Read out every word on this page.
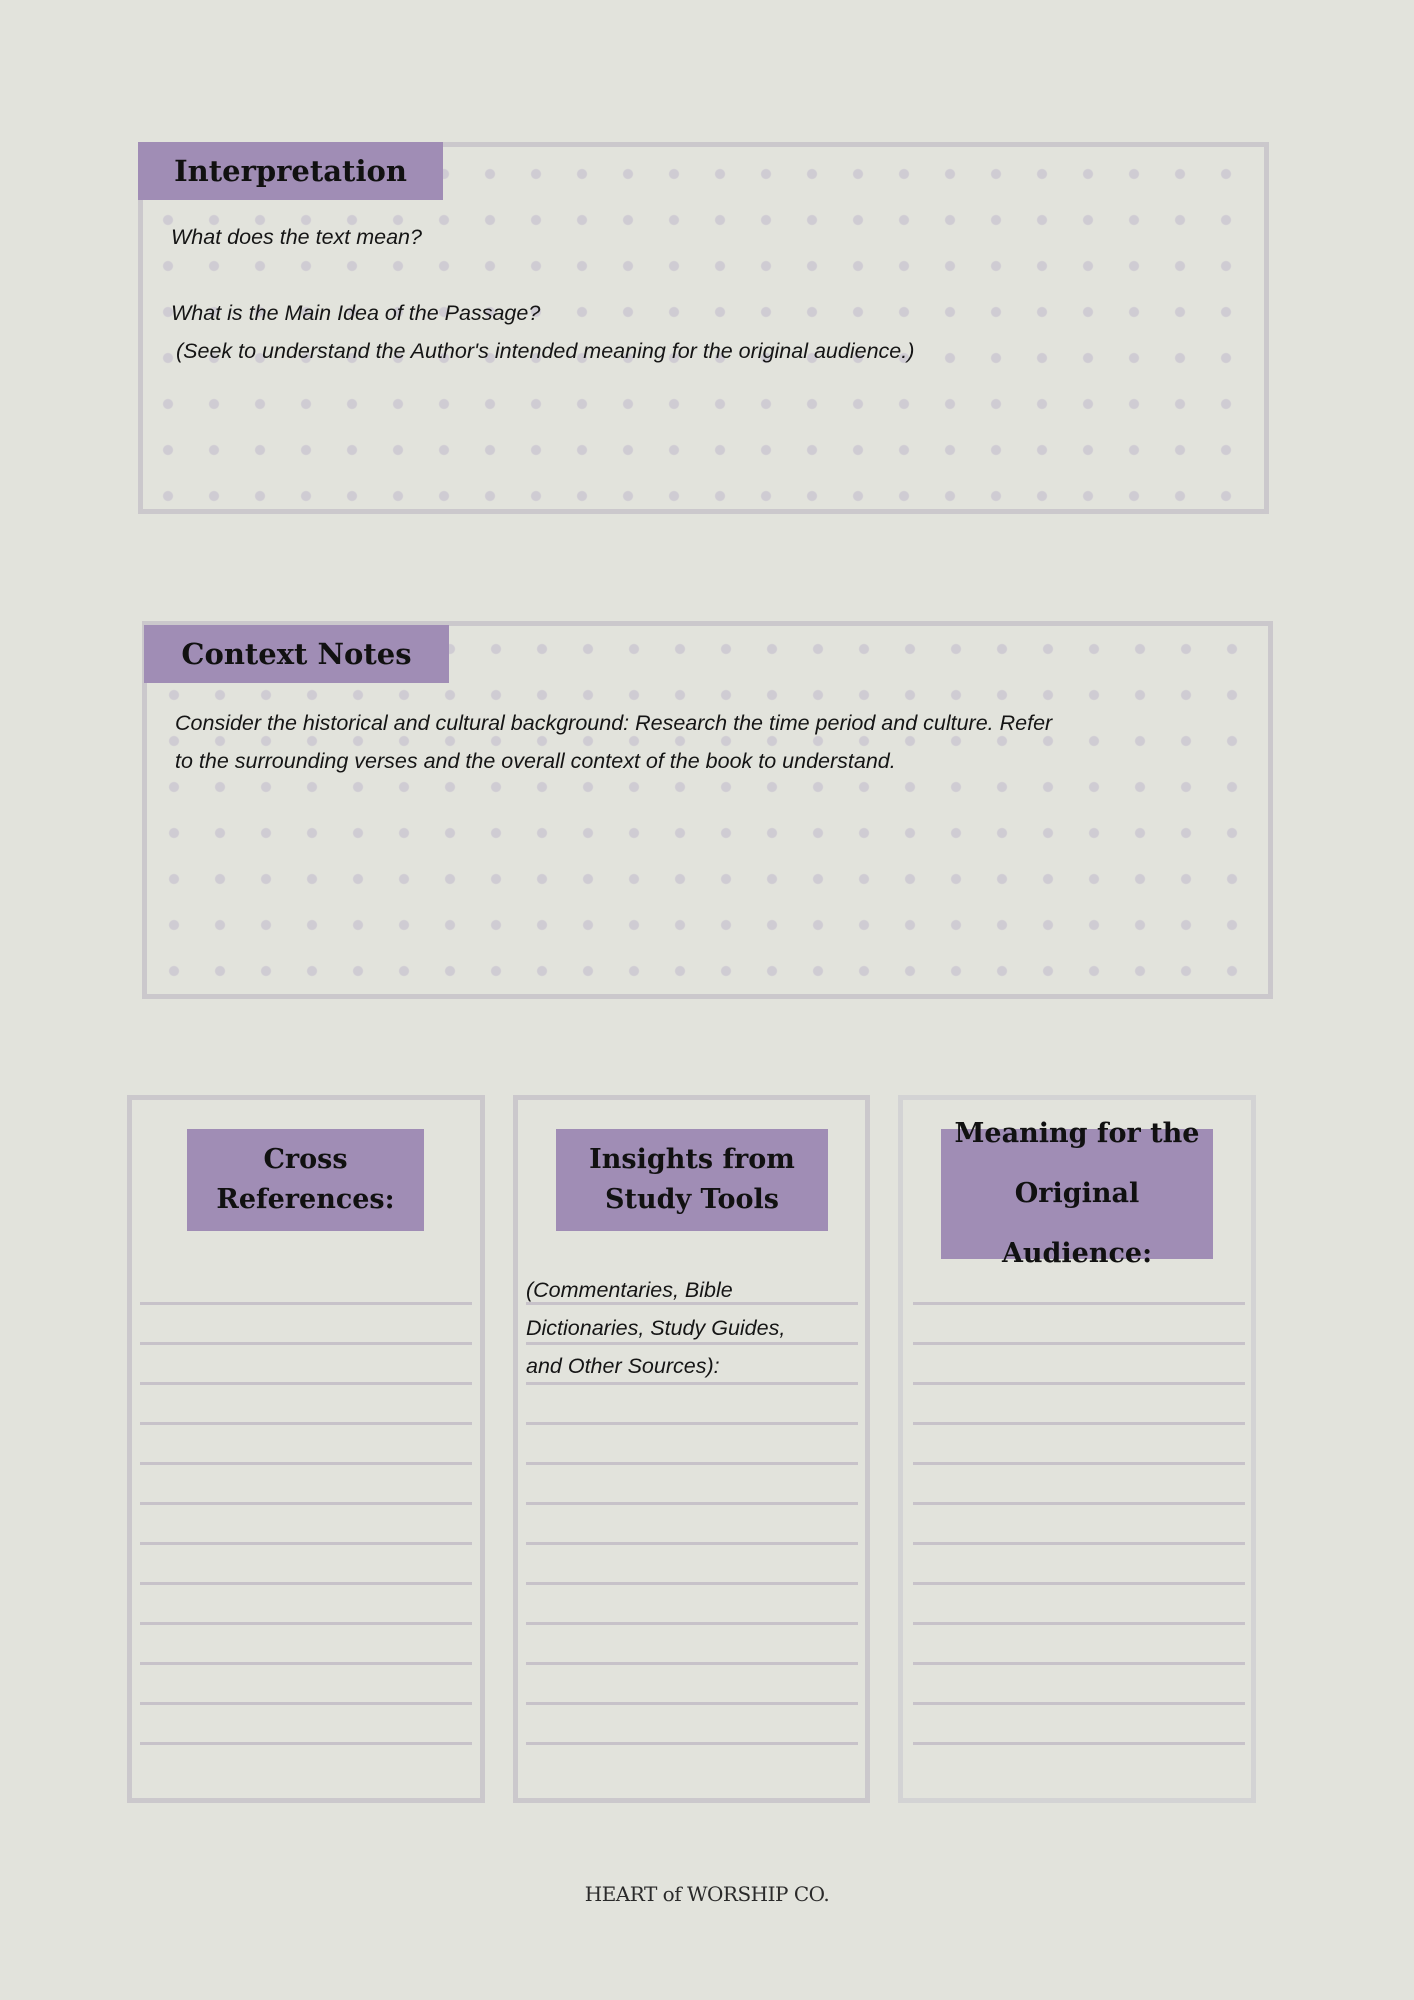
Interpretation

What does the text mean?

What is the Main Idea of the Passage?

(Seek to understand the Author's intended meaning for the original audience.)

Context Notes

Consider the historical and cultural background: Research the time period and culture. Refer

to the surrounding verses and the overall context of the book to understand.

Cross
References:
Insights from
Study Tools
Meaning for the
Original Audience:
(Commentaries, Bible
Dictionaries, Study Guides,
and Other Sources):
HEART of WORSHIP CO.
